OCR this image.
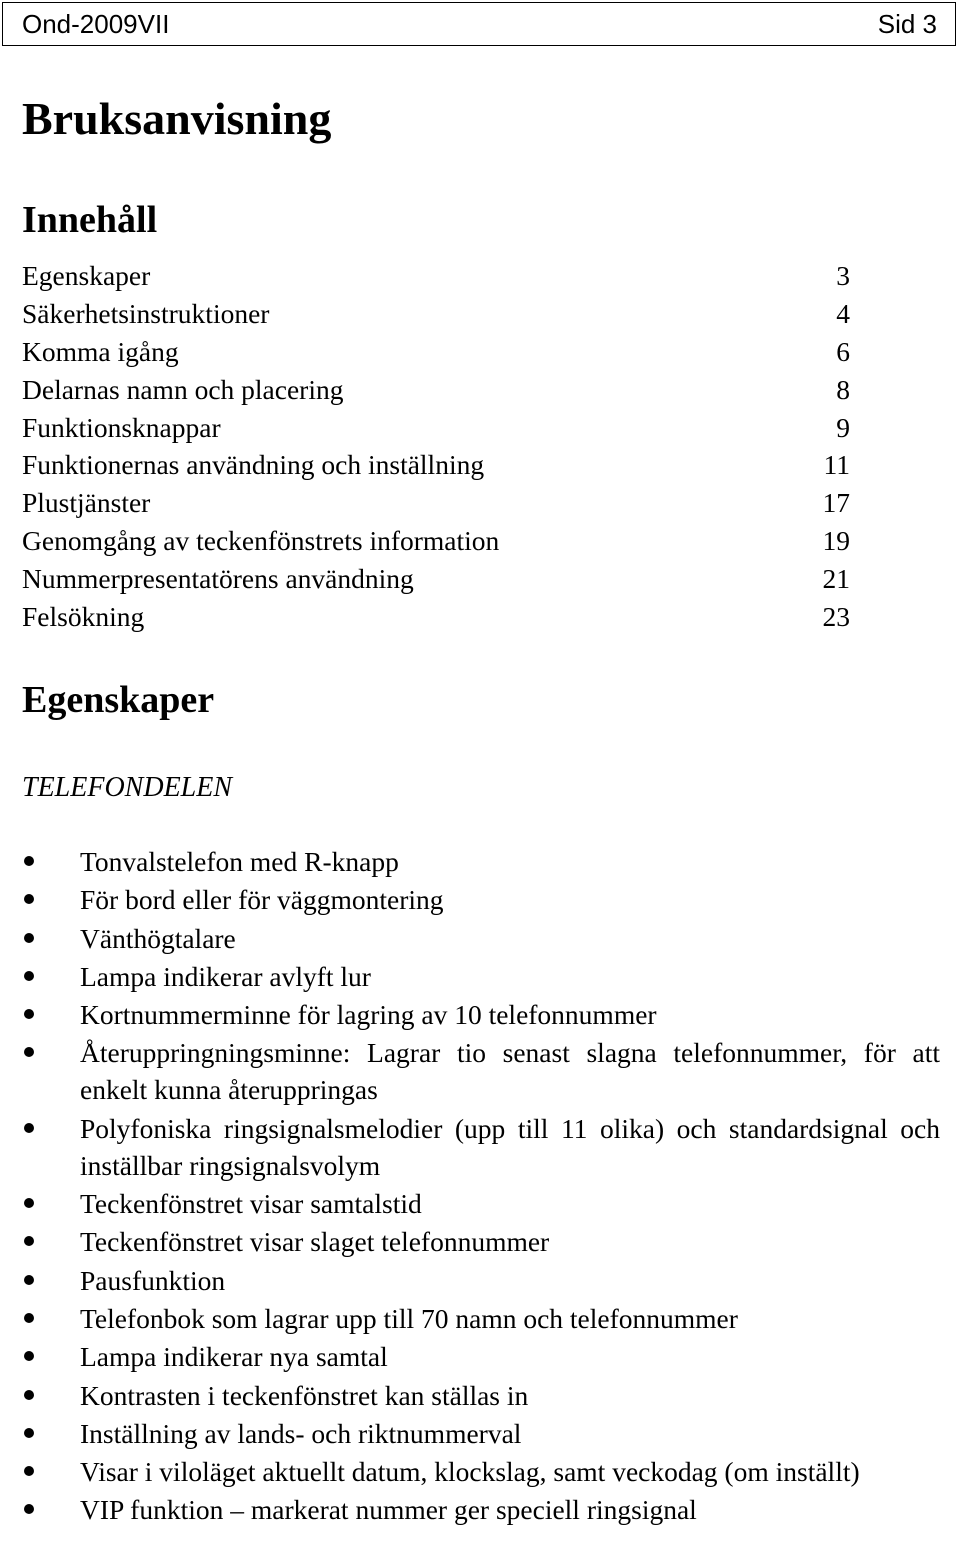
Ond-2009VII	Sid 3
Bruksanvisning
Innehåll
Egenskaper	3
Säkerhetsinstruktioner	4
Komma igång	6
Delarnas namn och placering	8
Funktionsknappar	9
Funktionernas användning och inställning	11
Plustjänster	17
Genomgång av teckenfönstrets information	19
Nummerpresentatörens användning	21
Felsökning	23
Egenskaper

TELEFONDELEN

Tonvalstelefon med R-knapp
För bord eller för väggmontering
Vänthögtalare
Lampa indikerar avlyft lur
Kortnummerminne för lagring av 10 telefonnummer
Återuppringningsminne: Lagrar tio senast slagna telefonnummer, för att enkelt kunna återuppringas
Polyfoniska ringsignalsmelodier (upp till 11 olika) och standardsignal och inställbar ringsignalsvolym
Teckenfönstret visar samtalstid
Teckenfönstret visar slaget telefonnummer
Pausfunktion
Telefonbok som lagrar upp till 70 namn och telefonnummer
Lampa indikerar nya samtal
Kontrasten i teckenfönstret kan ställas in
Inställning av lands- och riktnummerval
Visar i viloläget aktuellt datum, klockslag, samt veckodag (om inställt)
VIP funktion – markerat nummer ger speciell ringsignal
